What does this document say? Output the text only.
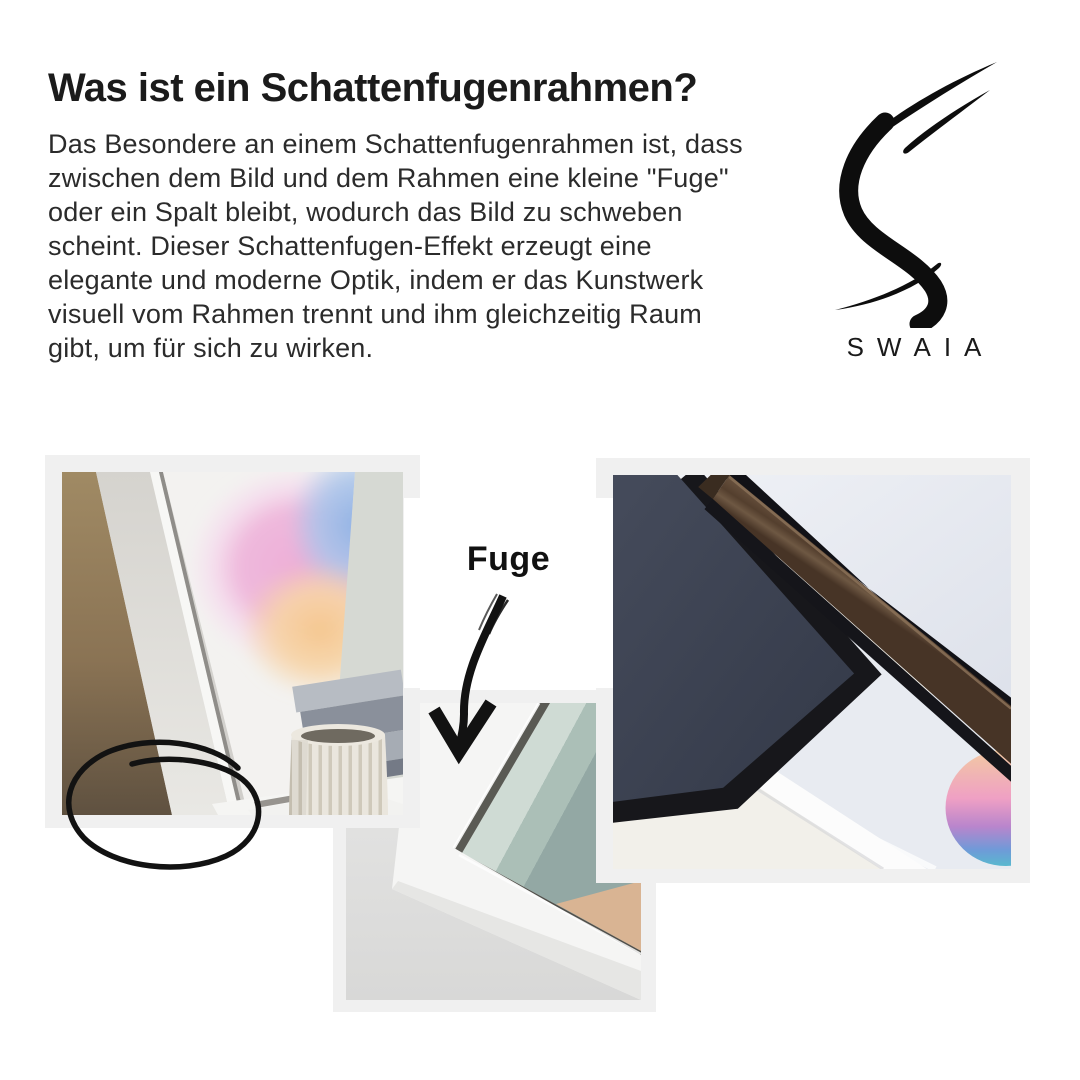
Was ist ein Schattenfugenrahmen?
Das Besondere an einem Schattenfugenrahmen ist, dass
zwischen dem Bild und dem Rahmen eine kleine "Fuge"
oder ein Spalt bleibt, wodurch das Bild zu schweben
scheint. Dieser Schattenfugen-Effekt erzeugt eine
elegante und moderne Optik, indem er das Kunstwerk
visuell vom Rahmen trennt und ihm gleichzeitig Raum
gibt, um für sich zu wirken.	SWAIA
Fuge
